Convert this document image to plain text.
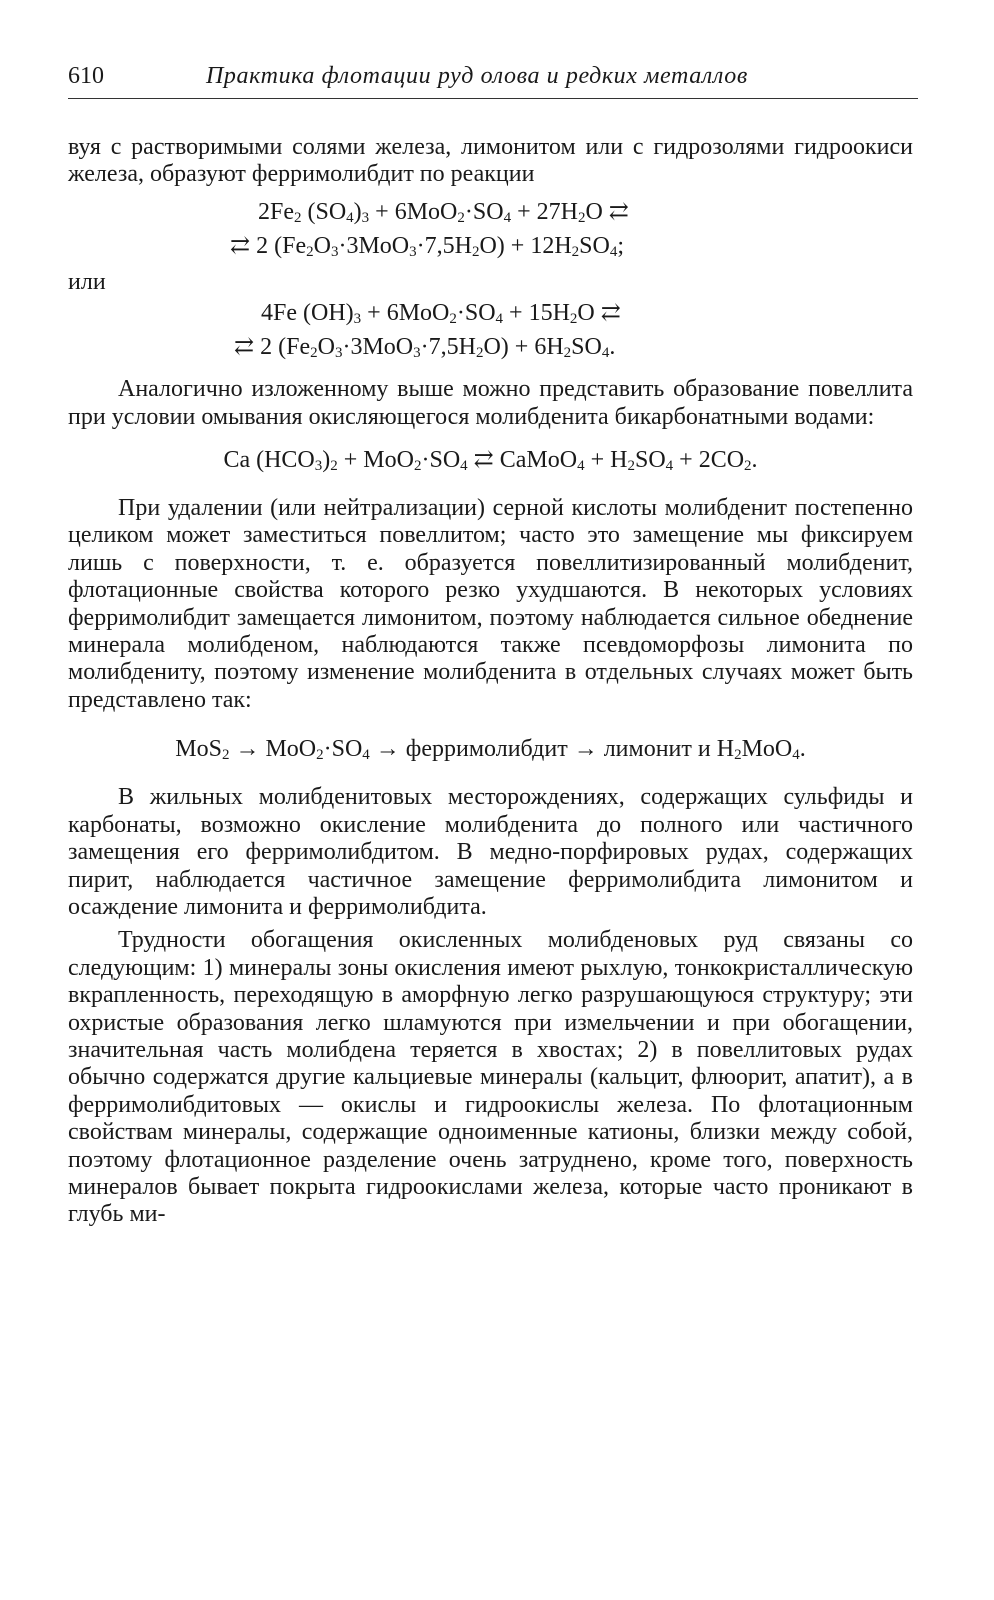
610	Практика флотации руд олова и редких металлов

вуя с растворимыми солями железа, лимонитом или с гидрозолями гидроокиси железа, образуют ферримолибдит по реакции

$2Fe_2$ $(SO_4)_3 + 6MoO_2\cdot SO_4 + 27H_2O$ ⇄
⇄ 2 $(Fe_2O_3\cdot 3MoO_3\cdot 7,5H_2O) + 12H_2SO_4$;

или

4Fe $(OH)_3 + 6MoO_2\cdot SO_4 + 15H_2O$ ⇄
⇄ 2 $(Fe_2O_3\cdot 3MoO_3\cdot 7,5H_2O) + 6H_2SO_4$.

Аналогично изложенному выше можно представить образование повеллита при условии омывания окисляющегося молибденита бикарбонатными водами:

Ca $(HCO_3)_2 + MoO_2\cdot SO_4$ ⇄ CaMoO$_4$ + $H_2SO_4 + 2CO_2$.

При удалении (или нейтрализации) серной кислоты молибденит постепенно целиком может заместиться повеллитом; часто это замещение мы фиксируем лишь с поверхности, т. е. образуется повеллитизированный молибденит, флотационные свойства которого резко ухудшаются. В некоторых условиях ферримолибдит замещается лимонитом, поэтому наблюдается сильное обеднение минерала молибденом, наблюдаются также псевдоморфозы лимонита по молибдениту, поэтому изменение молибденита в отдельных случаях может быть представлено так:

$MoS_2 \to MoO_2\cdot SO_4$ → ферримолибдит → лимонит и $H_2MoO_4$.

В жильных молибденитовых месторождениях, содержащих сульфиды и карбонаты, возможно окисление молибденита до полного или частичного замещения его ферримолибдитом. В медно-порфировых рудах, содержащих пирит, наблюдается частичное замещение ферримолибдита лимонитом и осаждение лимонита и ферримолибдита.

Трудности обогащения окисленных молибденовых руд связаны со следующим: 1) минералы зоны окисления имеют рыхлую, тонкокристаллическую вкрапленность, переходящую в аморфную легко разрушающуюся структуру; эти охристые образования легко шламуются при измельчении и при обогащении, значительная часть молибдена теряется в хвостах; 2) в повеллитовых рудах обычно содержатся другие кальциевые минералы (кальцит, флюорит, апатит), а в ферримолибдитовых — окислы и гидроокислы железа. По флотационным свойствам минералы, содержащие одноименные катионы, близки между собой, поэтому флотационное разделение очень затруднено, кроме того, поверхность минералов бывает покрыта гидроокислами железа, которые часто проникают в глубь ми-
